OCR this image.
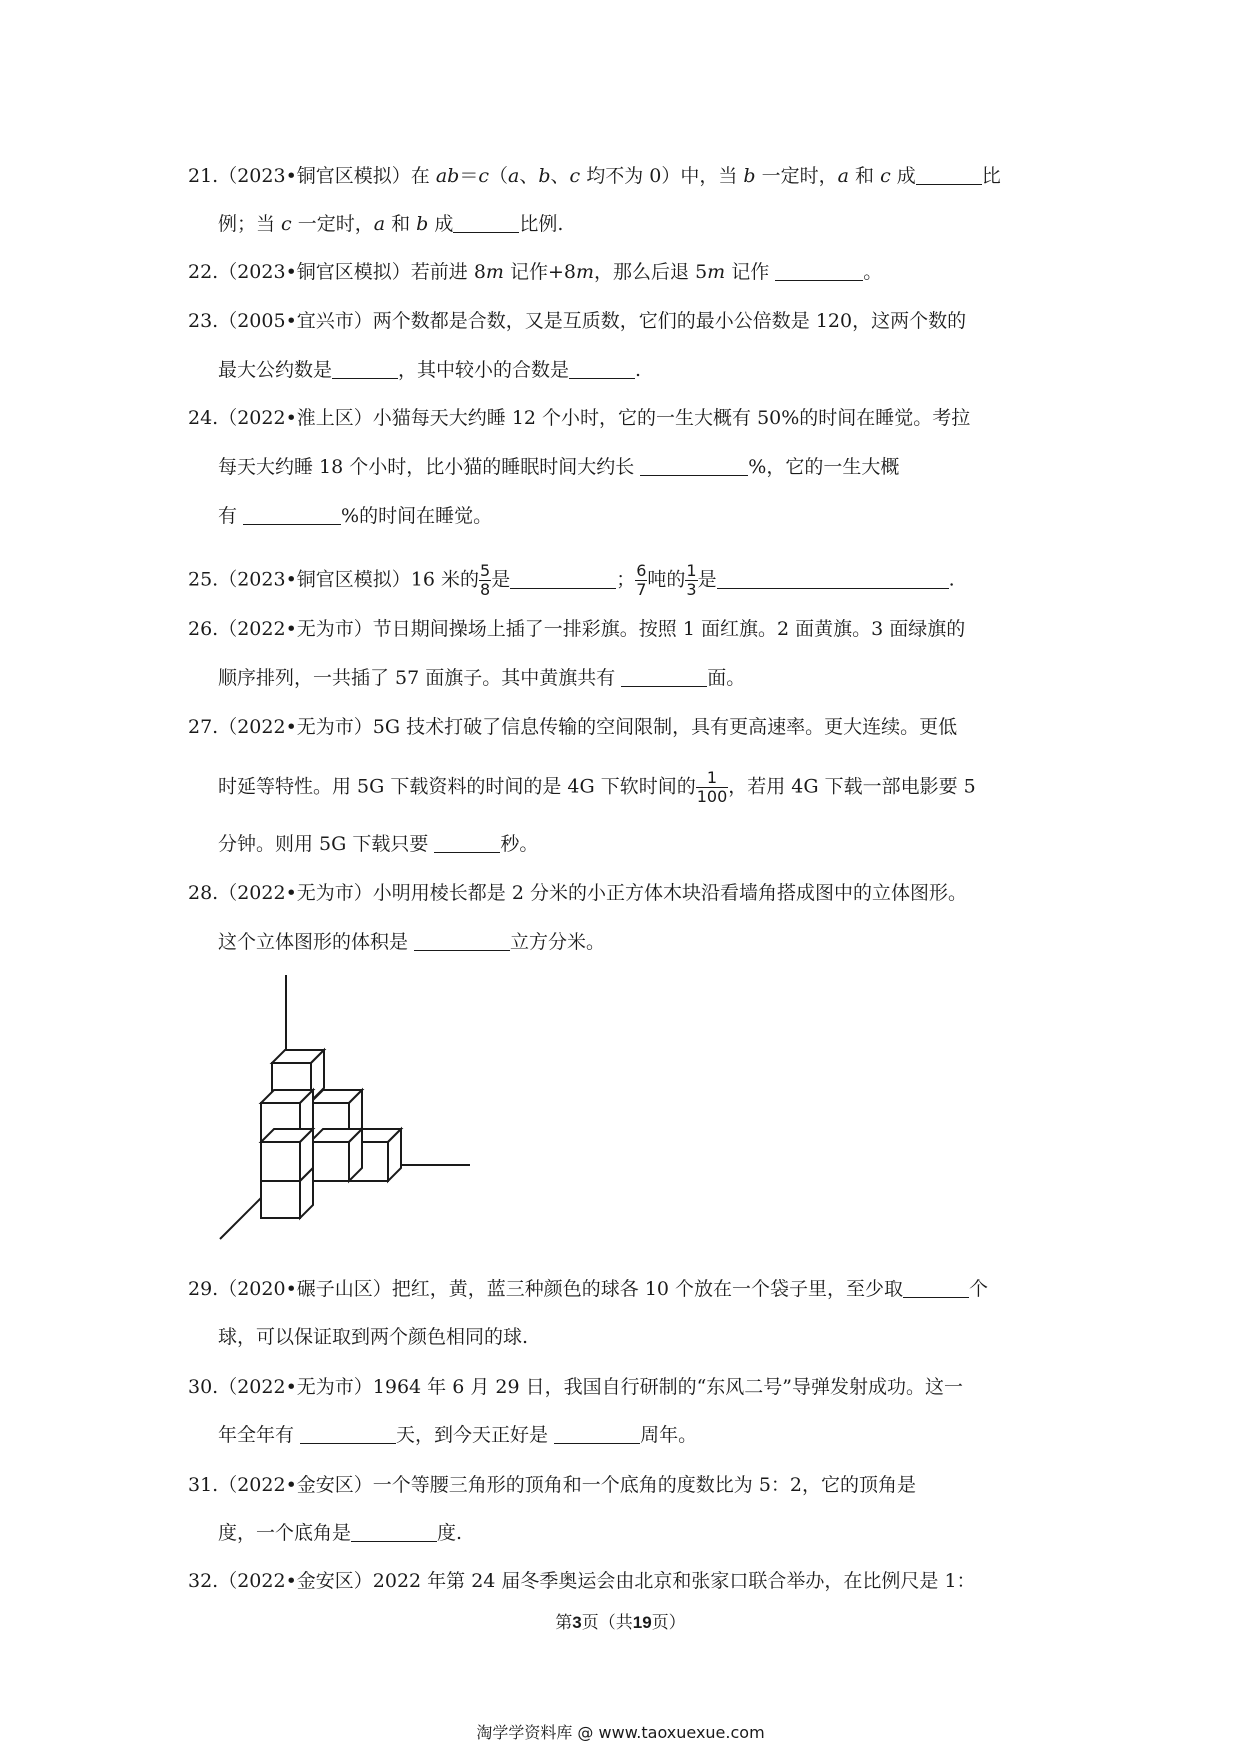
21.（2023•铜官区模拟）在 ab＝c（a、b、c 均不为 0）中，当 b 一定时，a 和 c 成	比
例；当 c 一定时，a 和 b 成	比例.
22.（2023•铜官区模拟）若前进 8m 记作+8m，那么后退 5m 记作	。
23.（2005•宜兴市）两个数都是合数，又是互质数，它们的最小公倍数是 120，这两个数的
最大公约数是	，其中较小的合数是	.
24.（2022•淮上区）小猫每天大约睡 12 个小时，它的一生大概有 50%的时间在睡觉。考拉
每天大约睡 18 个小时，比小猫的睡眠时间大约长	%，它的一生大概
有	%的时间在睡觉。
25.（2023•铜官区模拟）16 米的 $\frac{5}{8}$ 是	； $\frac{6}{7}$ 吨的 $\frac{1}{3}$ 是	.
26.（2022•无为市）节日期间操场上插了一排彩旗。按照 1 面红旗。2 面黄旗。3 面绿旗的
顺序排列，一共插了 57 面旗子。其中黄旗共有	面。
27.（2022•无为市）5G 技术打破了信息传输的空间限制，具有更高速率。更大连续。更低
时延等特性。用 5G 下载资料的时间的是 4G 下软时间的 $\frac{1}{100}$ ，若用 4G 下载一部电影要 5
分钟。则用 5G 下载只要	秒。
28.（2022•无为市）小明用棱长都是 2 分米的小正方体木块沿看墙角搭成图中的立体图形。
这个立体图形的体积是	立方分米。
29.（2020•碾子山区）把红，黄，蓝三种颜色的球各 10 个放在一个袋子里，至少取	个
球，可以保证取到两个颜色相同的球.
30.（2022•无为市）1964 年 6 月 29 日，我国自行研制的“东风二号”导弹发射成功。这一
年全年有	天，到今天正好是	周年。
31.（2022•金安区）一个等腰三角形的顶角和一个底角的度数比为 5：2，它的顶角是
度，一个底角是	度.
32.（2022•金安区）2022 年第 24 届冬季奥运会由北京和张家口联合举办，在比例尺是 1：
第3页（共19页）
淘学学资料库 @ www.taoxuexue.com
